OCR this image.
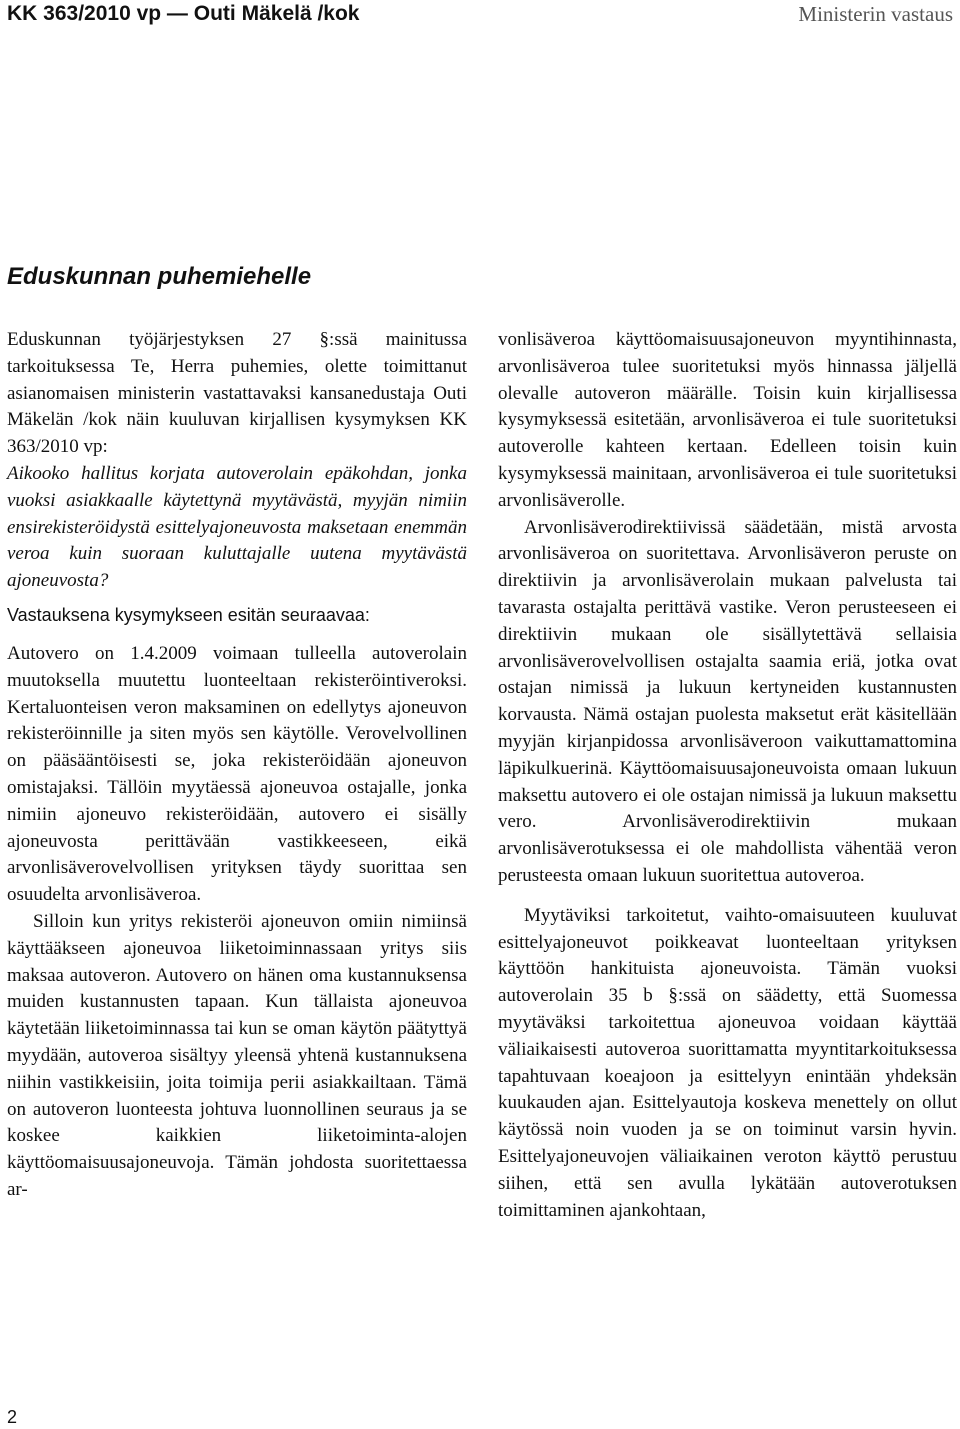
KK 363/2010 vp — Outi Mäkelä /kok	Ministerin vastaus
Eduskunnan puhemiehelle

Eduskunnan työjärjestyksen 27 §:ssä mainitussa tarkoituksessa Te, Herra puhemies, olette toimittanut asianomaisen ministerin vastattavaksi kansanedustaja Outi Mäkelän /kok näin kuuluvan kirjallisen kysymyksen KK 363/2010 vp:

Aikooko hallitus korjata autoverolain epäkohdan, jonka vuoksi asiakkaalle käytettynä myytävästä, myyjän nimiin ensirekisteröidystä esittelyajoneuvosta maksetaan enemmän veroa kuin suoraan kuluttajalle uutena myytävästä ajoneuvosta?

Vastauksena kysymykseen esitän seuraavaa:

Autovero on 1.4.2009 voimaan tulleella autoverolain muutoksella muutettu luonteeltaan rekisteröintiveroksi. Kertaluonteisen veron maksaminen on edellytys ajoneuvon rekisteröinnille ja siten myös sen käytölle. Verovelvollinen on pääsääntöisesti se, joka rekisteröidään ajoneuvon omistajaksi. Tällöin myytäessä ajoneuvoa ostajalle, jonka nimiin ajoneuvo rekisteröidään, autovero ei sisälly ajoneuvosta perittävään vastikkeeseen, eikä arvonlisäverovelvollisen yrityksen täydy suorittaa sen osuudelta arvonlisäveroa.

Silloin kun yritys rekisteröi ajoneuvon omiin nimiinsä käyttääkseen ajoneuvoa liiketoiminnassaan yritys siis maksaa autoveron. Autovero on hänen oma kustannuksensa muiden kustannusten tapaan. Kun tällaista ajoneuvoa käytetään liiketoiminnassa tai kun se oman käytön päätyttyä myydään, autoveroa sisältyy yleensä yhtenä kustannuksena niihin vastikkeisiin, joita toimija perii asiakkailtaan. Tämä on autoveron luonteesta johtuva luonnollinen seuraus ja se koskee kaikkien liiketoiminta-alojen käyttöomaisuusajoneuvoja. Tämän johdosta suoritettaessa ar-

vonlisäveroa käyttöomaisuusajoneuvon myyntihinnasta, arvonlisäveroa tulee suoritetuksi myös hinnassa jäljellä olevalle autoveron määrälle. Toisin kuin kirjallisessa kysymyksessä esitetään, arvonlisäveroa ei tule suoritetuksi autoverolle kahteen kertaan. Edelleen toisin kuin kysymyksessä mainitaan, arvonlisäveroa ei tule suoritetuksi arvonlisäverolle.

Arvonlisäverodirektiivissä säädetään, mistä arvosta arvonlisäveroa on suoritettava. Arvonlisäveron peruste on direktiivin ja arvonlisäverolain mukaan palvelusta tai tavarasta ostajalta perittävä vastike. Veron perusteeseen ei direktiivin mukaan ole sisällytettävä sellaisia arvonlisäverovelvollisen ostajalta saamia eriä, jotka ovat ostajan nimissä ja lukuun kertyneiden kustannusten korvausta. Nämä ostajan puolesta maksetut erät käsitellään myyjän kirjanpidossa arvonlisäveroon vaikuttamattomina läpikulkuerinä. Käyttöomaisuusajoneuvoista omaan lukuun maksettu autovero ei ole ostajan nimissä ja lukuun maksettu vero. Arvonlisäverodirektiivin mukaan arvonlisäverotuksessa ei ole mahdollista vähentää veron perusteesta omaan lukuun suoritettua autoveroa.

Myytäviksi tarkoitetut, vaihto-omaisuuteen kuuluvat esittelyajoneuvot poikkeavat luonteeltaan yrityksen käyttöön hankituista ajoneuvoista. Tämän vuoksi autoverolain 35 b §:ssä on säädetty, että Suomessa myytäväksi tarkoitettua ajoneuvoa voidaan käyttää väliaikaisesti autoveroa suorittamatta myyntitarkoituksessa tapahtuvaan koeajoon ja esittelyyn enintään yhdeksän kuukauden ajan. Esittelyautoja koskeva menettely on ollut käytössä noin vuoden ja se on toiminut varsin hyvin. Esittelyajoneuvojen väliaikainen veroton käyttö perustuu siihen, että sen avulla lykätään autoverotuksen toimittaminen ajankohtaan,

2
